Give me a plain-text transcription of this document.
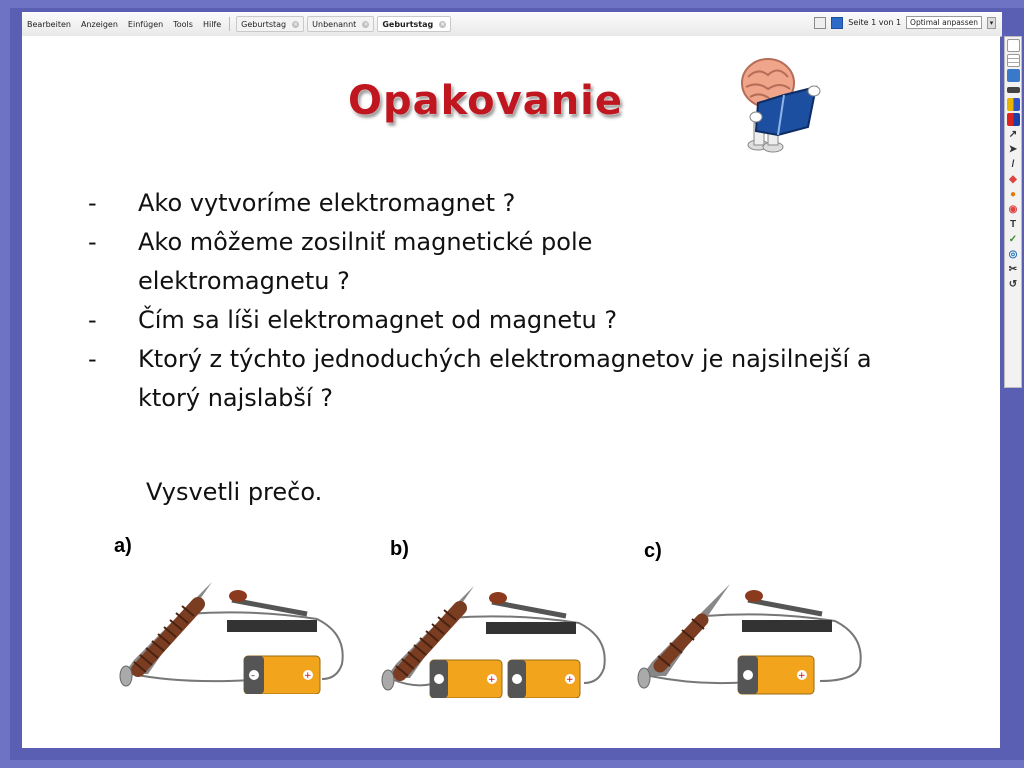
Bearbeiten	Anzeigen	Einfügen	Tools	Hilfe	Geburtstag × Unbenannt × Geburtstag ×	Seite 1 von 1	Optimal anpassen	▾
↗
➤
/
◆
●
◉
T
✓
◎
✂
↺
Opakovanie
-	Ako vytvoríme elektromagnet ?
-	Ako môžeme zosilniť magnetické pole elektromagnetu ?
-	Čím sa líši elektromagnet od magnetu ?
-	Ktorý z týchto jednoduchých elektromagnetov je najsilnejší a ktorý najslabší ?
Vysvetli prečo.
a)	b)	c)
–	+	+	+	+
